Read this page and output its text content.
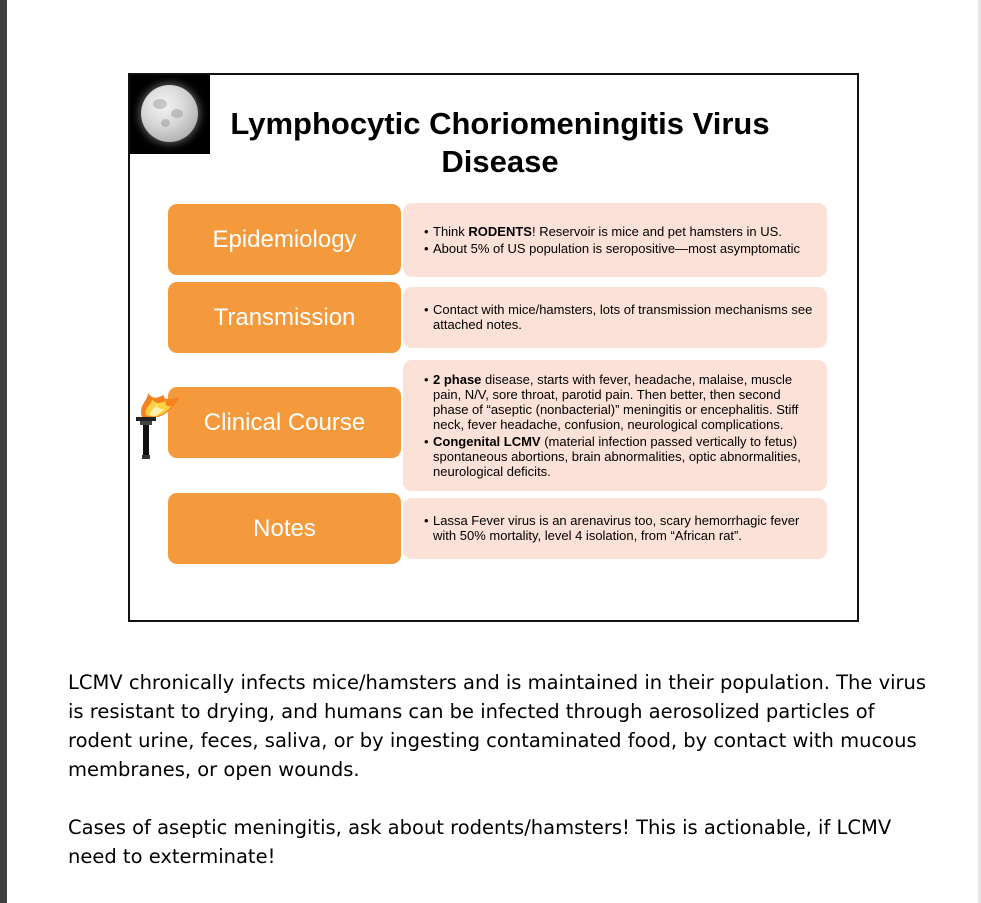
Lymphocytic Choriomeningitis Virus
Disease
Epidemiology	• Think RODENTS! Reservoir is mice and pet hamsters in US.
• About 5% of US population is seropositive—most asymptomatic
Transmission	• Contact with mice/hamsters, lots of transmission mechanisms see attached notes.
Clinical Course
• 2 phase disease, starts with fever, headache, malaise, muscle pain, N/V, sore throat, parotid pain. Then better, then second phase of “aseptic (nonbacterial)” meningitis or encephalitis. Stiff neck, fever headache, confusion, neurological complications.
• Congenital LCMV (material infection passed vertically to fetus) spontaneous abortions, brain abnormalities, optic abnormalities, neurological deficits.
Notes	• Lassa Fever virus is an arenavirus too, scary hemorrhagic fever with 50% mortality, level 4 isolation, from “African rat”.
LCMV chronically infects mice/hamsters and is maintained in their population. The virus is resistant to drying, and humans can be infected through aerosolized particles of rodent urine, feces, saliva, or by ingesting contaminated food, by contact with mucous membranes, or open wounds.
Cases of aseptic meningitis, ask about rodents/hamsters! This is actionable, if LCMV need to exterminate!
